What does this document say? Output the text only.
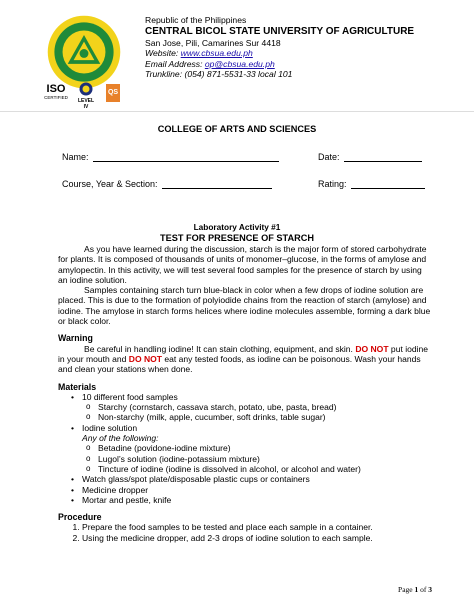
ISO
CERTIFIED
LEVEL IV
QS
Republic of the Philippines
CENTRAL BICOL STATE UNIVERSITY OF AGRICULTURE
San Jose, Pili, Camarines Sur 4418
Website: www.cbsua.edu.ph
Email Address: op@cbsua.edu.ph
Trunkline: (054) 871-5531-33 local 101
COLLEGE OF ARTS AND SCIENCES
Name:	Date:
Course, Year & Section:	Rating:
Laboratory Activity #1
TEST FOR PRESENCE OF STARCH

As you have learned during the discussion, starch is the major form of stored carbohydrate for plants. It is composed of thousands of units of monomer–glucose, in the forms of amylose and amylopectin. In this activity, we will test several food samples for the presence of starch by using an iodine solution.

Samples containing starch turn blue-black in color when a few drops of iodine solution are placed. This is due to the formation of polyiodide chains from the reaction of starch (amylose) and iodine. The amylose in starch forms helices where iodine molecules assemble, forming a dark blue or black color.

Warning

Be careful in handling iodine! It can stain clothing, equipment, and skin. DO NOT put iodine in your mouth and DO NOT eat any tested foods, as iodine can be poisonous. Wash your hands and clean your stations when done.

Materials
• 10 different food samples
o Starchy (cornstarch, cassava starch, potato, ube, pasta, bread)
o Non-starchy (milk, apple, cucumber, soft drinks, table sugar)
• Iodine solution
Any of the following:
o Betadine (povidone-iodine mixture)
o Lugol’s solution (iodine-potassium mixture)
o Tincture of iodine (iodine is dissolved in alcohol, or alcohol and water)
• Watch glass/spot plate/disposable plastic cups or containers
• Medicine dropper
• Mortar and pestle, knife
Procedure
1. Prepare the food samples to be tested and place each sample in a container.
2. Using the medicine dropper, add 2-3 drops of iodine solution to each sample.
Page 1 of 3
